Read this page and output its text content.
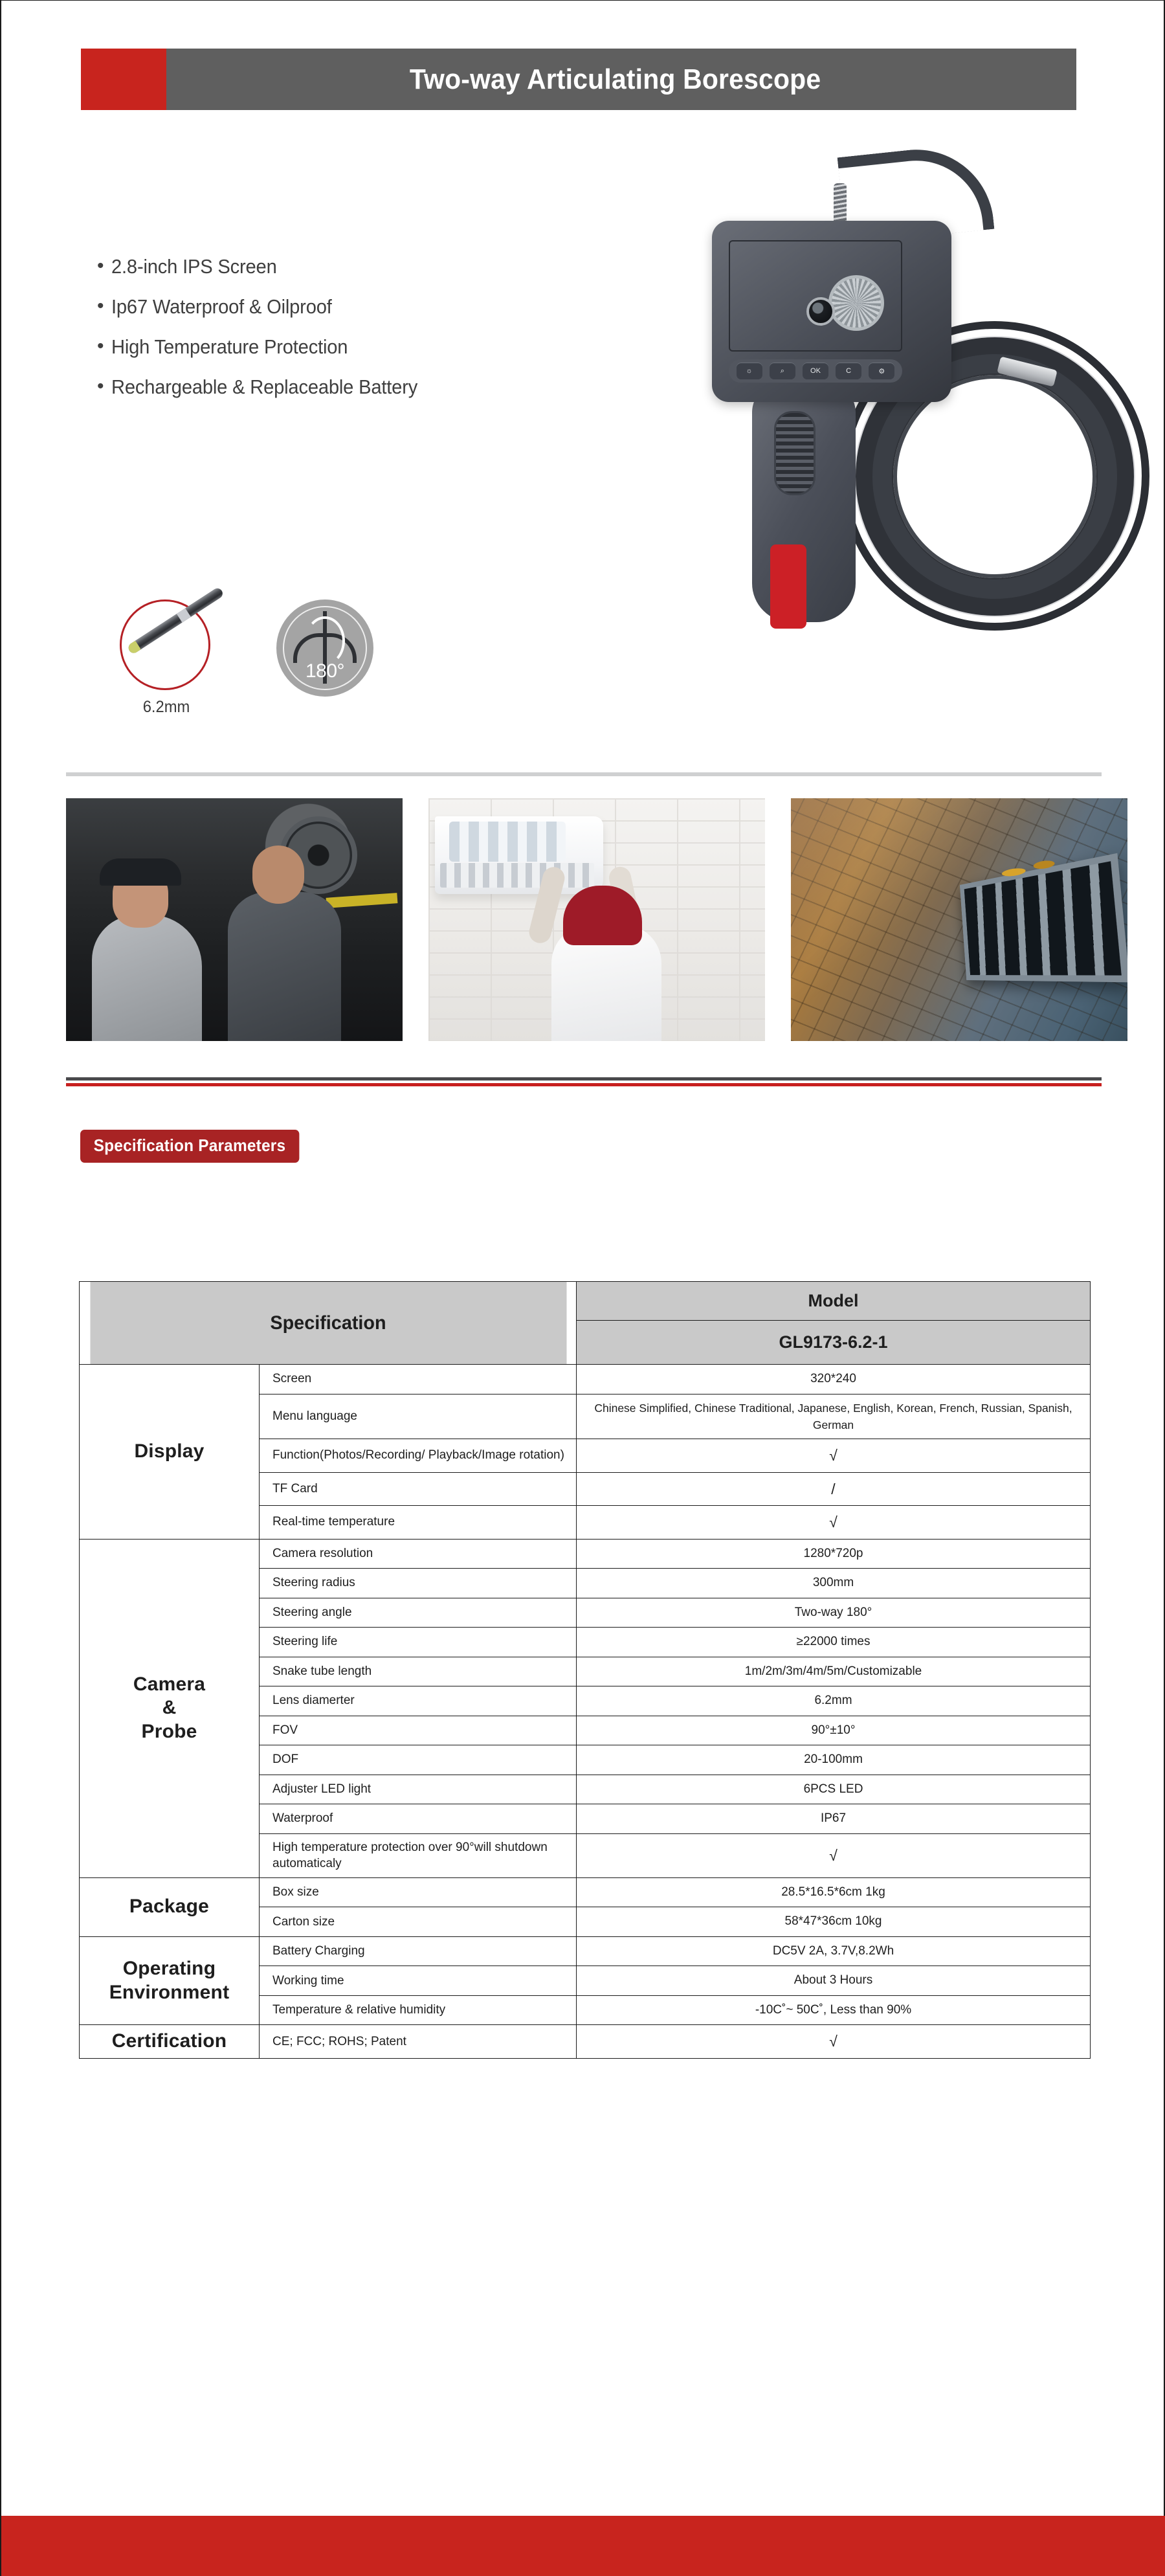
Two-way Articulating Borescope
• 2.8-inch IPS Screen
• Ip67 Waterproof & Oilproof
• High Temperature Protection
• Rechargeable & Replaceable Battery
6.2mm
180°
☼	⌕	OK	C	⚙
Specification Parameters
Specification		Model
		GL9173-6.2-1
Display	Screen	320*240
	Menu language	Chinese Simplified, Chinese Traditional, Japanese, English, Korean, French, Russian, Spanish, German
	Function(Photos/Recording/ Playback/Image rotation)	√
	TF Card	/
	Real-time temperature	√
Camera
&
Probe	Camera resolution	1280*720p
	Steering radius	300mm
	Steering angle	Two-way 180°
	Steering life	≥22000 times
	Snake tube length	1m/2m/3m/4m/5m/Customizable
	Lens diamerter	6.2mm
	FOV	90°±10°
	DOF	20-100mm
	Adjuster LED light	6PCS LED
	Waterproof	IP67
	High temperature protection over 90°will shutdown automaticaly	√
Package	Box size	28.5*16.5*6cm 1kg
	Carton size	58*47*36cm 10kg
Operating
Environment	Battery Charging	DC5V 2A, 3.7V,8.2Wh
	Working time	About 3 Hours
	Temperature & relative humidity	-10C˚~ 50C˚, Less than 90%
Certification	CE; FCC; ROHS; Patent	√
